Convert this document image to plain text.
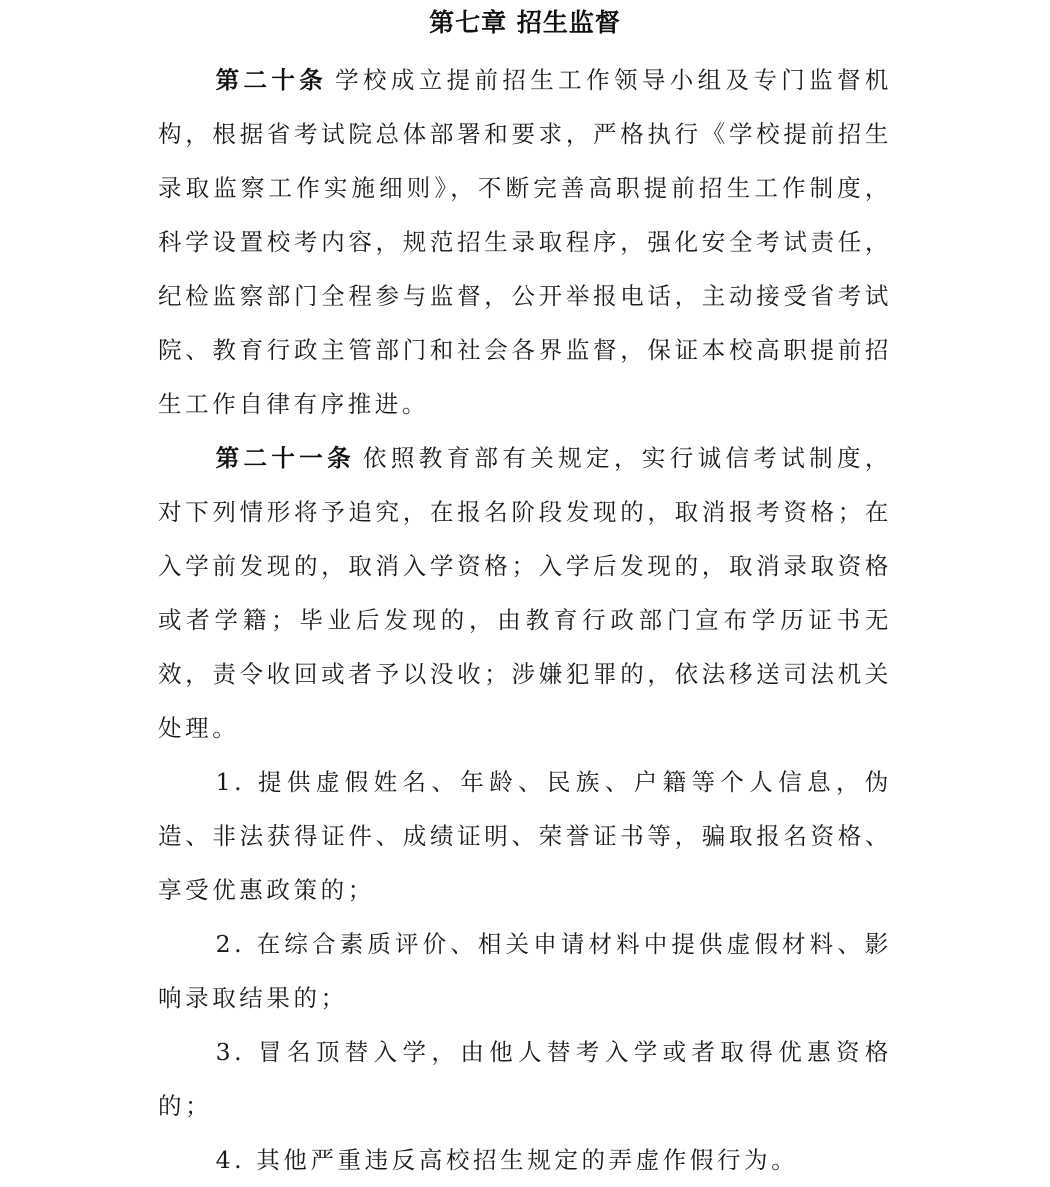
第七章 招生监督

第二十条 学校成立提前招生工作领导小组及专门监督机构，根据省考试院总体部署和要求，严格执行《学校提前招生录取监察工作实施细则》，不断完善高职提前招生工作制度，科学设置校考内容，规范招生录取程序，强化安全考试责任，纪检监察部门全程参与监督，公开举报电话，主动接受省考试院、教育行政主管部门和社会各界监督，保证本校高职提前招生工作自律有序推进。

第二十一条 依照教育部有关规定，实行诚信考试制度，对下列情形将予追究，在报名阶段发现的，取消报考资格；在入学前发现的，取消入学资格；入学后发现的，取消录取资格或者学籍；毕业后发现的，由教育行政部门宣布学历证书无效，责令收回或者予以没收；涉嫌犯罪的，依法移送司法机关处理。

1. 提供虚假姓名、年龄、民族、户籍等个人信息，伪造、非法获得证件、成绩证明、荣誉证书等，骗取报名资格、享受优惠政策的；

2. 在综合素质评价、相关申请材料中提供虚假材料、影响录取结果的；

3. 冒名顶替入学，由他人替考入学或者取得优惠资格的；

4. 其他严重违反高校招生规定的弄虚作假行为。
